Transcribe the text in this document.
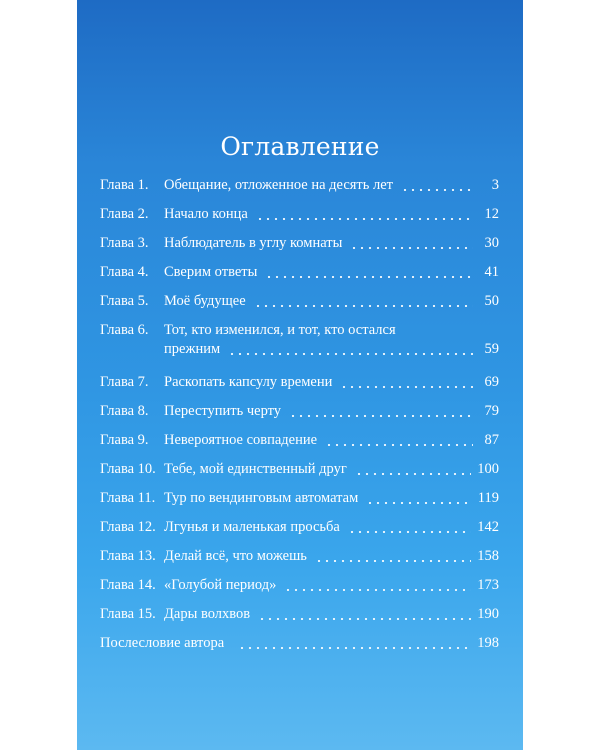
Оглавление
Глава 1.	Обещание, отложенное на десять лет	3
Глава 2.	Начало конца	12
Глава 3.	Наблюдатель в углу комнаты	30
Глава 4.	Сверим ответы	41
Глава 5.	Моё будущее	50
Глава 6.	Тот, кто изменился, и тот, кто остался
прежним	59
Глава 7.	Раскопать капсулу времени	69
Глава 8.	Переступить черту	79
Глава 9.	Невероятное совпадение	87
Глава 10. Тебе, мой единственный друг	100
Глава 11. Тур по вендинговым автоматам	119
Глава 12. Лгунья и маленькая просьба	142
Глава 13. Делай всё, что можешь	158
Глава 14. «Голубой период»	173
Глава 15. Дары волхвов	190
Послесловие автора	198
